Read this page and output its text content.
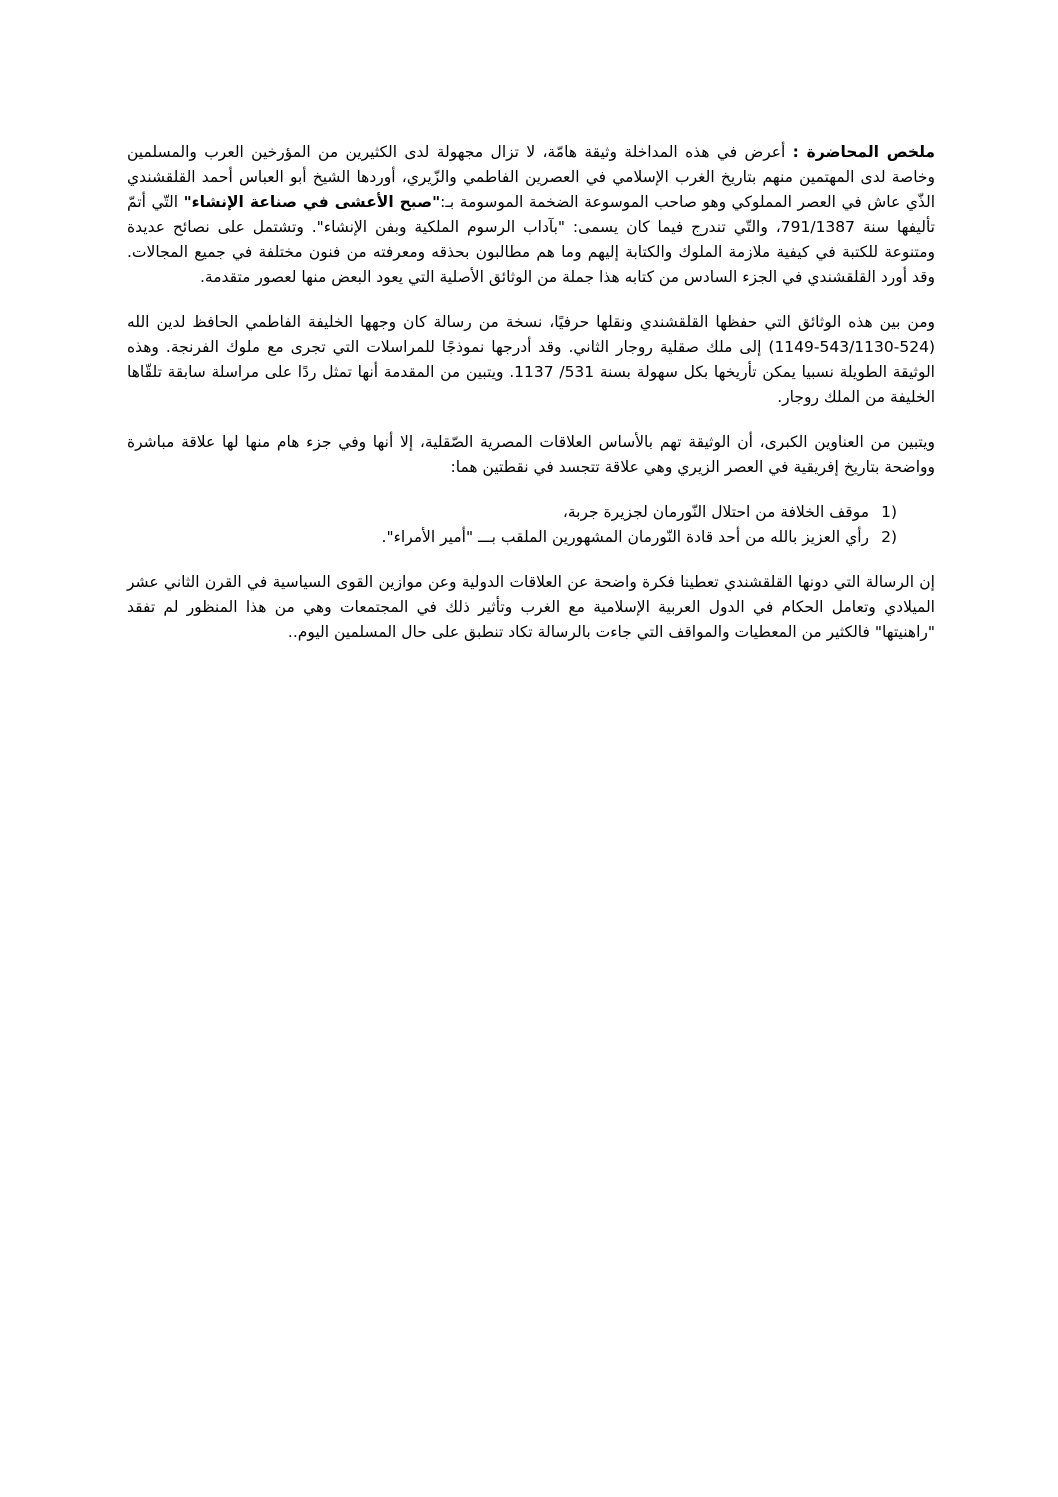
ملخص المحاضرة : أعرض في هذه المداخلة وثيقة هامّة، لا تزال مجهولة لدى الكثيرين من المؤرخين العرب والمسلمين وخاصة لدى المهتمين منهم بتاريخ الغرب الإسلامي في العصرين الفاطمي والزّيري، أوردها الشيخ أبو العباس أحمد القلقشندي الذّي عاش في العصر المملوكي وهو صاحب الموسوعة الضخمة الموسومة بـ:"صبح الأعشى في صناعة الإنشاء" التّي أتمّ تأليفها سنة 791/1387، والتّي تندرج فيما كان يسمى: "بآداب الرسوم الملكية وبفن الإنشاء". وتشتمل على نصائح عديدة ومتنوعة للكتبة في كيفية ملازمة الملوك والكتابة إليهم وما هم مطالبون بحذقه ومعرفته من فنون مختلفة في جميع المجالات. وقد أورد القلقشندي في الجزء السادس من كتابه هذا جملة من الوثائق الأصلية التي يعود البعض منها لعصور متقدمة.

ومن بين هذه الوثائق التي حفظها القلقشندي ونقلها حرفيًا، نسخة من رسالة كان وجهها الخليفة الفاطمي الحافظ لدين الله (524-543/1130-1149) إلى ملك صقلية روجار الثاني. وقد أدرجها نموذجًا للمراسلات التي تجرى مع ملوك الفرنجة. وهذه الوثيقة الطويلة نسبيا يمكن تأريخها بكل سهولة بسنة 531/ 1137. ويتبين من المقدمة أنها تمثل ردًا على مراسلة سابقة تلقّاها الخليفة من الملك روجار.

ويتبين من العناوين الكبرى، أن الوثيقة تهم بالأساس العلاقات المصرية الصّقلية، إلا أنها وفي جزء هام منها لها علاقة مباشرة وواضحة بتاريخ إفريقية في العصر الزيري وهي علاقة تتجسد في نقطتين هما:

1)
موقف الخلافة من احتلال النّورمان لجزيرة جربة،
2)
رأي العزيز بالله من أحد قادة النّورمان المشهورين الملقب بـــ "أمير الأمراء".

إن الرسالة التي دونها القلقشندي تعطينا فكرة واضحة عن العلاقات الدولية وعن موازين القوى السياسية في القرن الثاني عشر الميلادي وتعامل الحكام في الدول العربية الإسلامية مع الغرب وتأثير ذلك في المجتمعات وهي من هذا المنظور لم تفقد "راهنيتها" فالكثير من المعطيات والمواقف التي جاءت بالرسالة تكاد تنطبق على حال المسلمين اليوم..
